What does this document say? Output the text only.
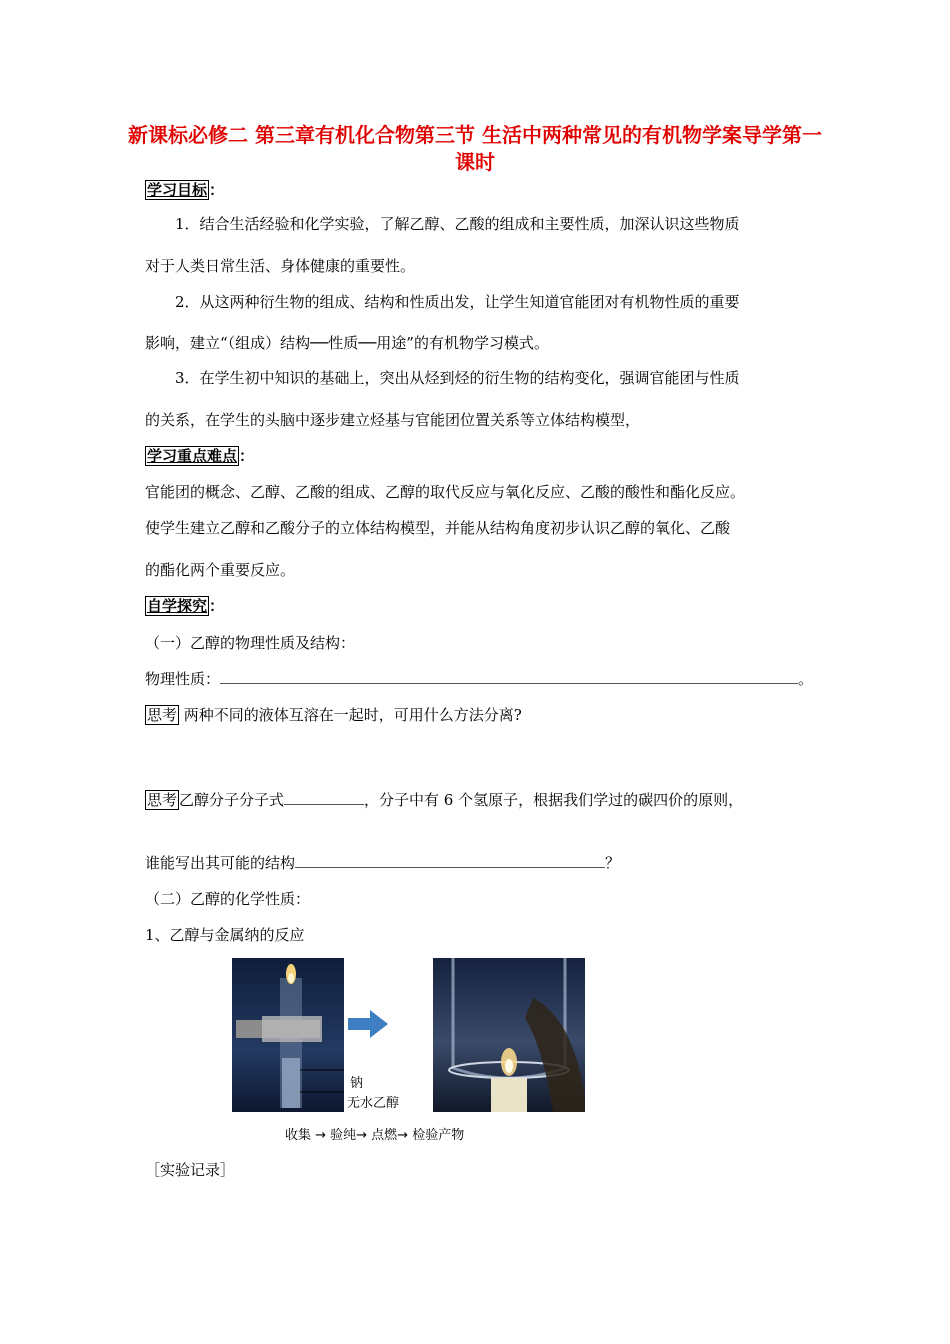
新课标必修二 第三章有机化合物第三节 生活中两种常见的有机物学案导学第一课时
学习目标 ：
1．结合生活经验和化学实验，了解乙醇、乙酸的组成和主要性质，加深认识这些物质
对于人类日常生活、身体健康的重要性。
2．从这两种衍生物的组成、结构和性质出发，让学生知道官能团对有机物性质的重要
影响，建立“（组成）结构──性质──用途”的有机物学习模式。
3．在学生初中知识的基础上，突出从烃到烃的衍生物的结构变化，强调官能团与性质
的关系，在学生的头脑中逐步建立烃基与官能团位置关系等立体结构模型，
学习重点难点 ：
官能团的概念、乙醇、乙酸的组成、乙醇的取代反应与氧化反应、乙酸的酸性和酯化反应。
使学生建立乙醇和乙酸分子的立体结构模型，并能从结构角度初步认识乙醇的氧化、乙酸
的酯化两个重要反应。
自学探究 ：
（一）乙醇的物理性质及结构：
物理性质：	。
思考 两种不同的液体互溶在一起时，可用什么方法分离?
思考 乙醇分子分子式	，分子中有 6 个氢原子，根据我们学过的碳四价的原则，
谁能写出其可能的结构	？
（二）乙醇的化学性质：
1、乙醇与金属纳的反应
钠
无水乙醇
收集 → 验纯→ 点燃→ 检验产物
［实验记录］
